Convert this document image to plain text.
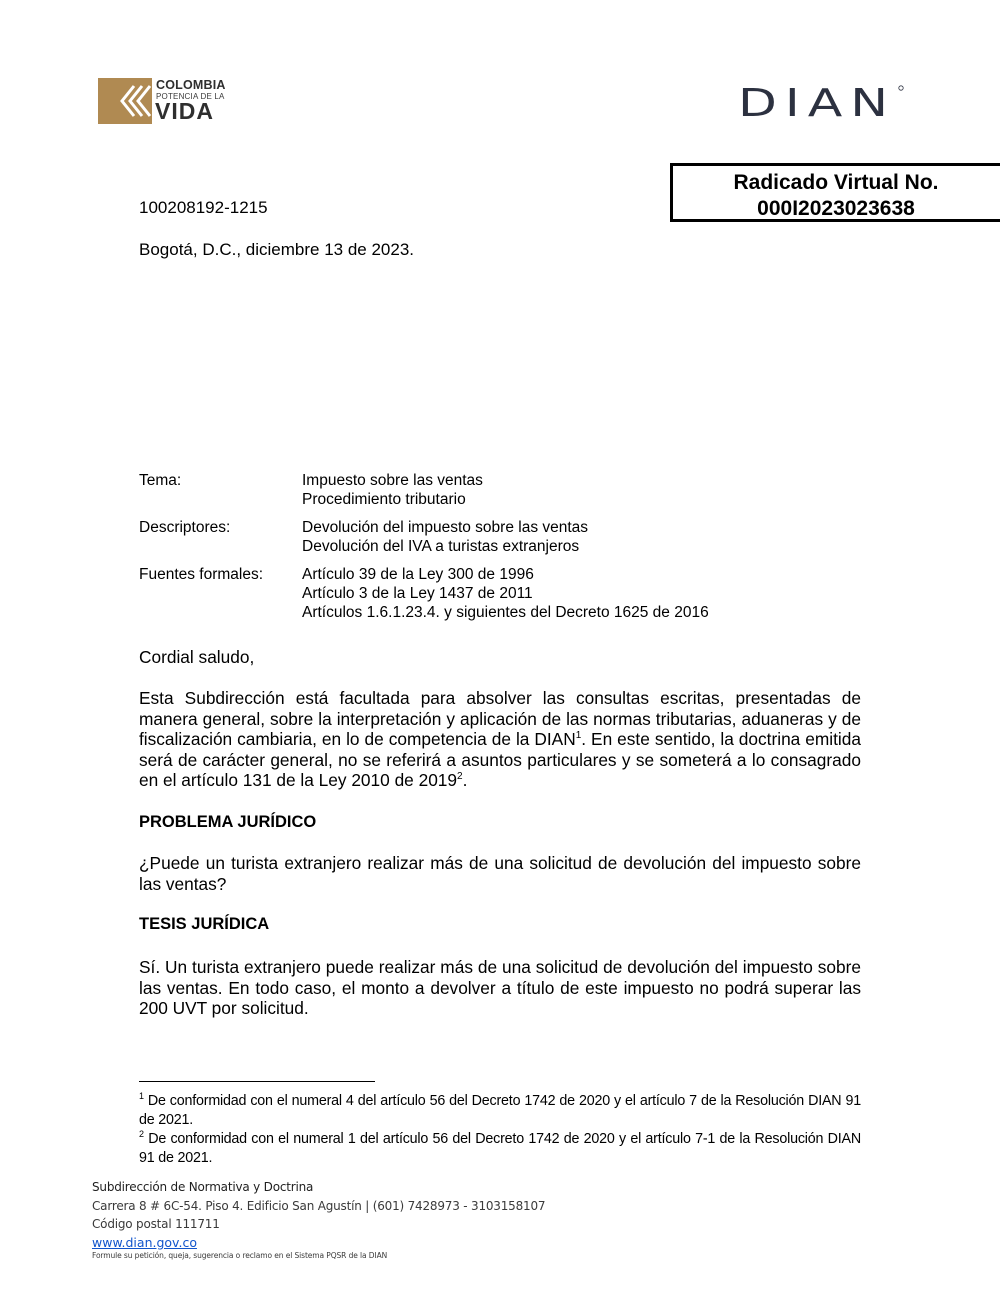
COLOMBIA
POTENCIA DE LA
VIDA	DIAN
Radicado Virtual No.
000I2023023638
100208192-1215
Bogotá, D.C., diciembre 13 de 2023.
Tema:	Impuesto sobre las ventas
Procedimiento tributario
Descriptores:	Devolución del impuesto sobre las ventas
Devolución del IVA a turistas extranjeros
Fuentes formales:	Artículo 39 de la Ley 300 de 1996
Artículo 3 de la Ley 1437 de 2011
Artículos 1.6.1.23.4. y siguientes del Decreto 1625 de 2016
Cordial saludo,
Esta Subdirección está facultada para absolver las consultas escritas, presentadas de manera general, sobre la interpretación y aplicación de las normas tributarias, aduaneras y de fiscalización cambiaria, en lo de competencia de la DIAN$^1$. En este sentido, la doctrina emitida será de carácter general, no se referirá a asuntos particulares y se someterá a lo consagrado en el artículo 131 de la Ley 2010 de 2019$^2$.
PROBLEMA JURÍDICO
¿Puede un turista extranjero realizar más de una solicitud de devolución del impuesto sobre las ventas?
TESIS JURÍDICA
Sí. Un turista extranjero puede realizar más de una solicitud de devolución del impuesto sobre las ventas. En todo caso, el monto a devolver a título de este impuesto no podrá superar las 200 UVT por solicitud.
$^1$ De conformidad con el numeral 4 del artículo 56 del Decreto 1742 de 2020 y el artículo 7 de la Resolución DIAN 91 de 2021.
$^2$ De conformidad con el numeral 1 del artículo 56 del Decreto 1742 de 2020 y el artículo 7-1 de la Resolución DIAN 91 de 2021.
Subdirección de Normativa y Doctrina
Carrera 8 # 6C-54. Piso 4. Edificio San Agustín | (601) 7428973 - 3103158107
Código postal 111711
www.dian.gov.co
Formule su petición, queja, sugerencia o reclamo en el Sistema PQSR de la DIAN
